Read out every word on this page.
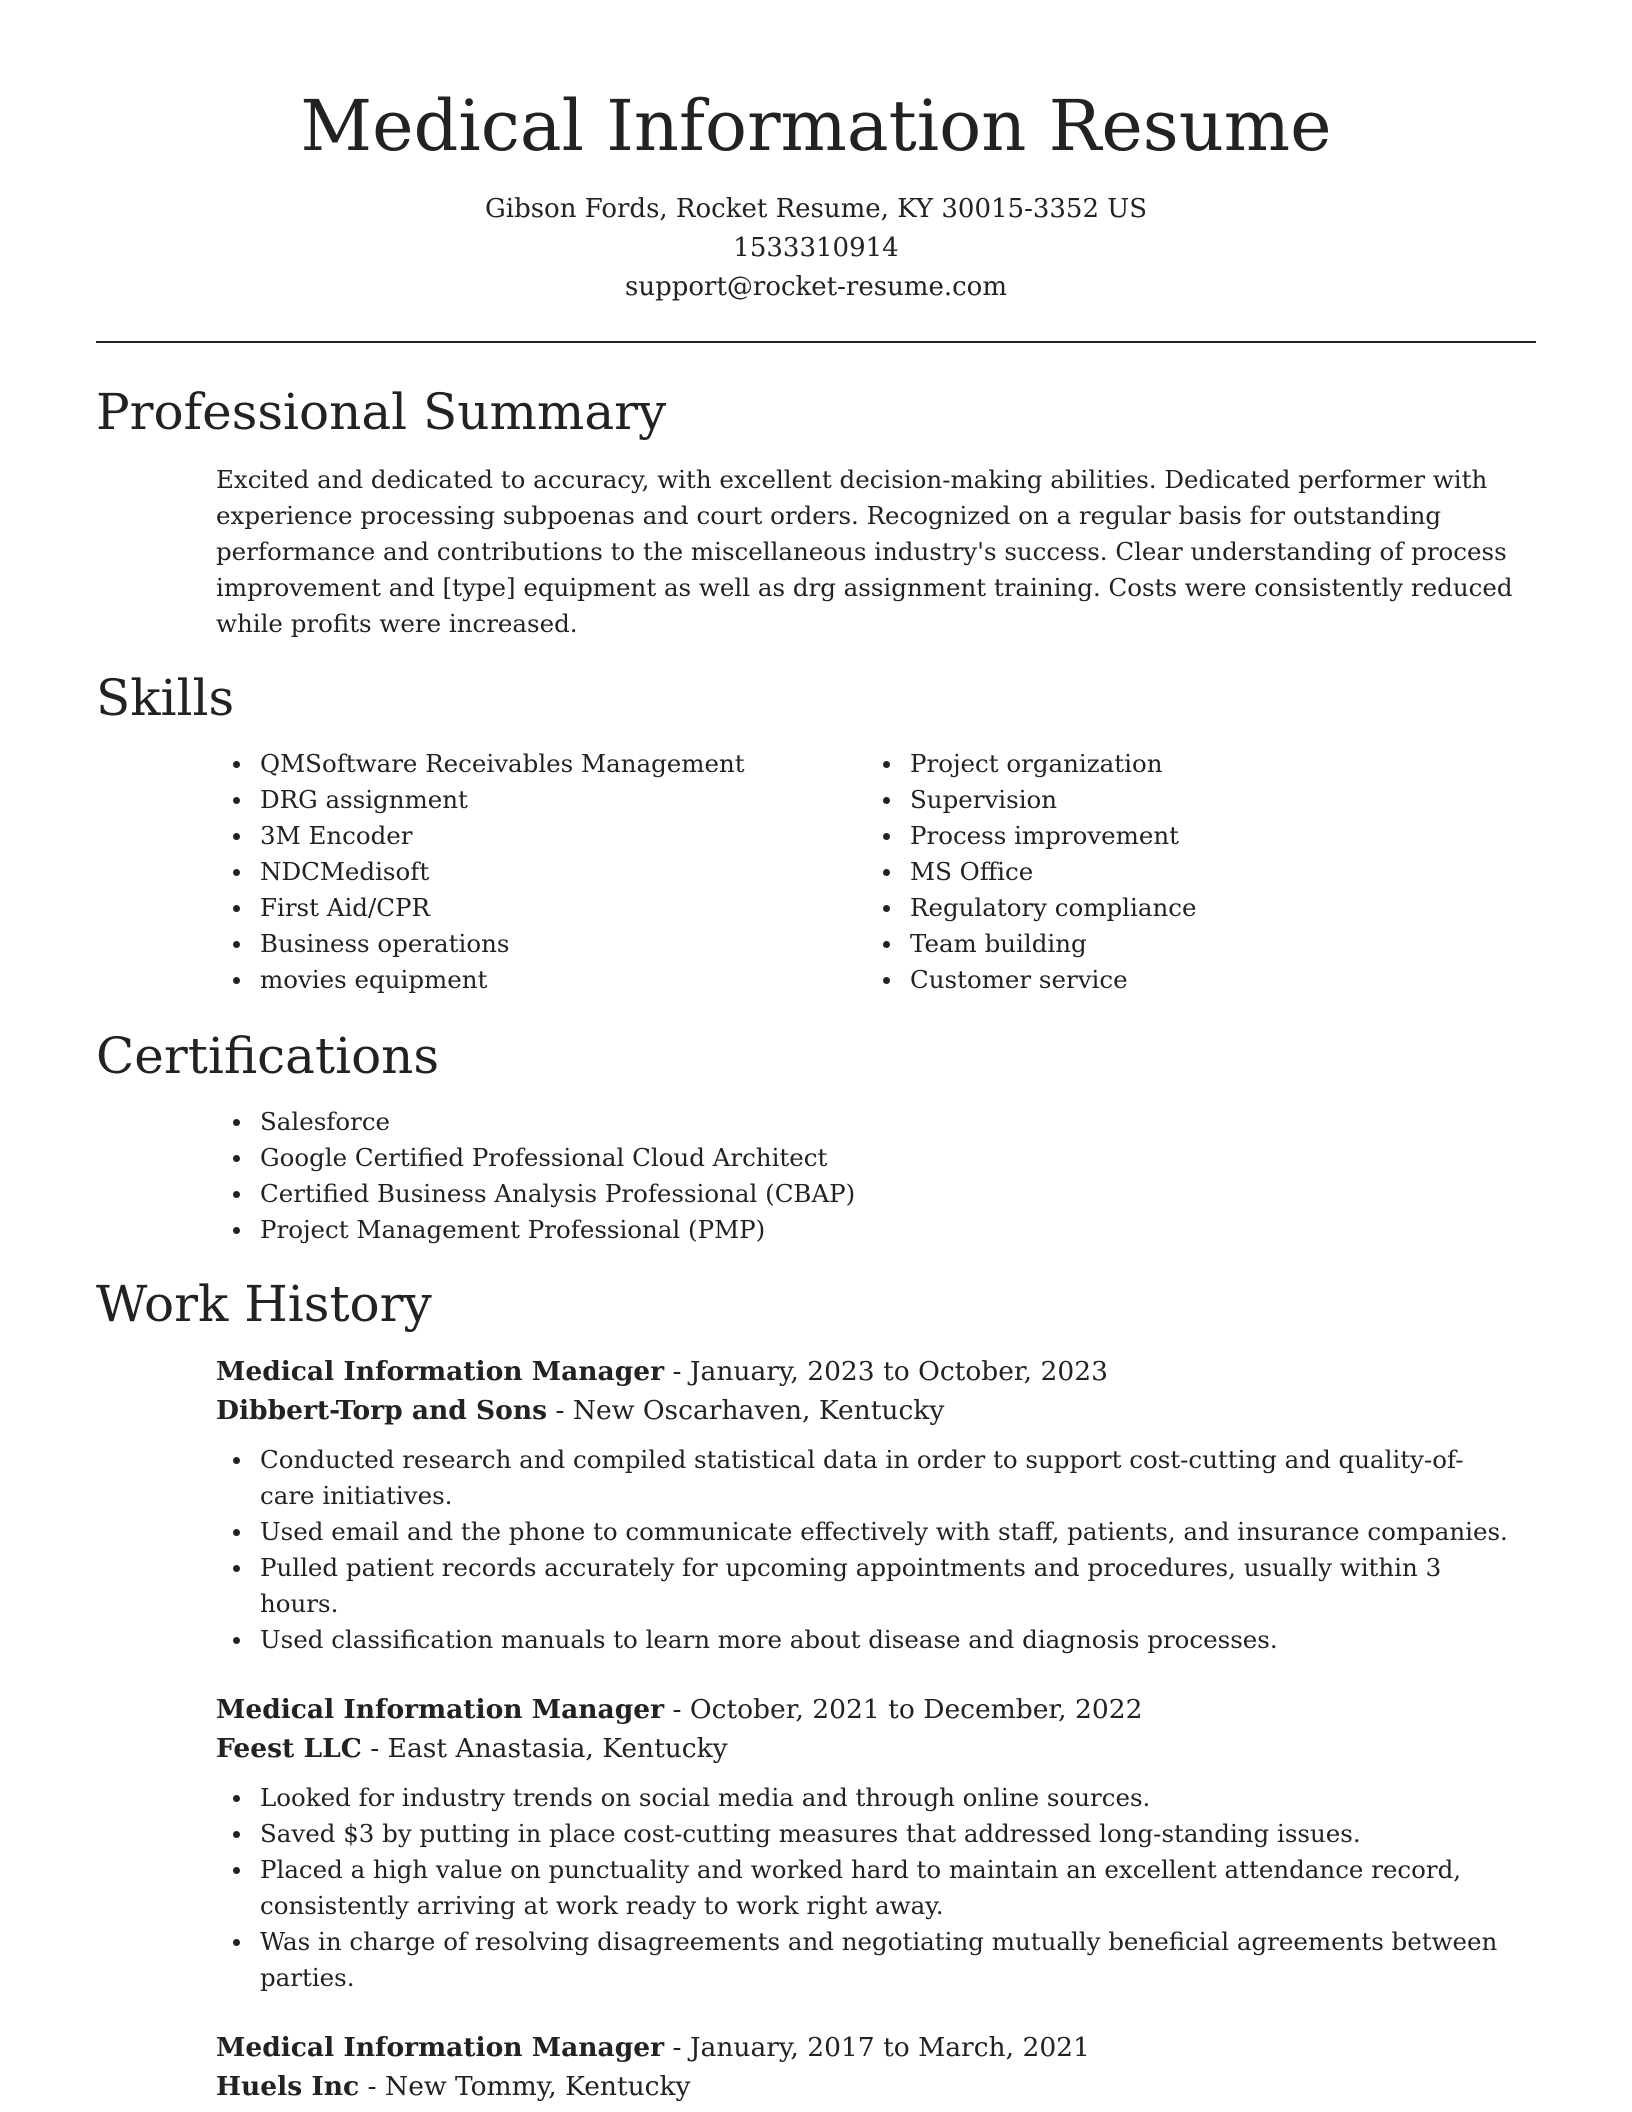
Medical Information Resume
Gibson Fords, Rocket Resume, KY 30015-3352 US
1533310914
support@rocket-resume.com
Professional Summary

Excited and dedicated to accuracy, with excellent decision-making abilities. Dedicated performer with experience processing subpoenas and court orders. Recognized on a regular basis for outstanding performance and contributions to the miscellaneous industry's success. Clear understanding of process improvement and [type] equipment as well as drg assignment training. Costs were consistently reduced while profits were increased.

Skills
QMSoftware Receivables Management
DRG assignment
3M Encoder
NDCMedisoft
First Aid/CPR
Business operations
movies equipment
Project organization
Supervision
Process improvement
MS Office
Regulatory compliance
Team building
Customer service
Certifications
Salesforce
Google Certified Professional Cloud Architect
Certified Business Analysis Professional (CBAP)
Project Management Professional (PMP)
Work History
Medical Information Manager - January, 2023 to October, 2023
Dibbert-Torp and Sons - New Oscarhaven, Kentucky
Conducted research and compiled statistical data in order to support cost-cutting and quality-of-care initiatives.
Used email and the phone to communicate effectively with staff, patients, and insurance companies.
Pulled patient records accurately for upcoming appointments and procedures, usually within 3 hours.
Used classification manuals to learn more about disease and diagnosis processes.
Medical Information Manager - October, 2021 to December, 2022
Feest LLC - East Anastasia, Kentucky
Looked for industry trends on social media and through online sources.
Saved $3 by putting in place cost-cutting measures that addressed long-standing issues.
Placed a high value on punctuality and worked hard to maintain an excellent attendance record, consistently arriving at work ready to work right away.
Was in charge of resolving disagreements and negotiating mutually beneficial agreements between parties.
Medical Information Manager - January, 2017 to March, 2021
Huels Inc - New Tommy, Kentucky
